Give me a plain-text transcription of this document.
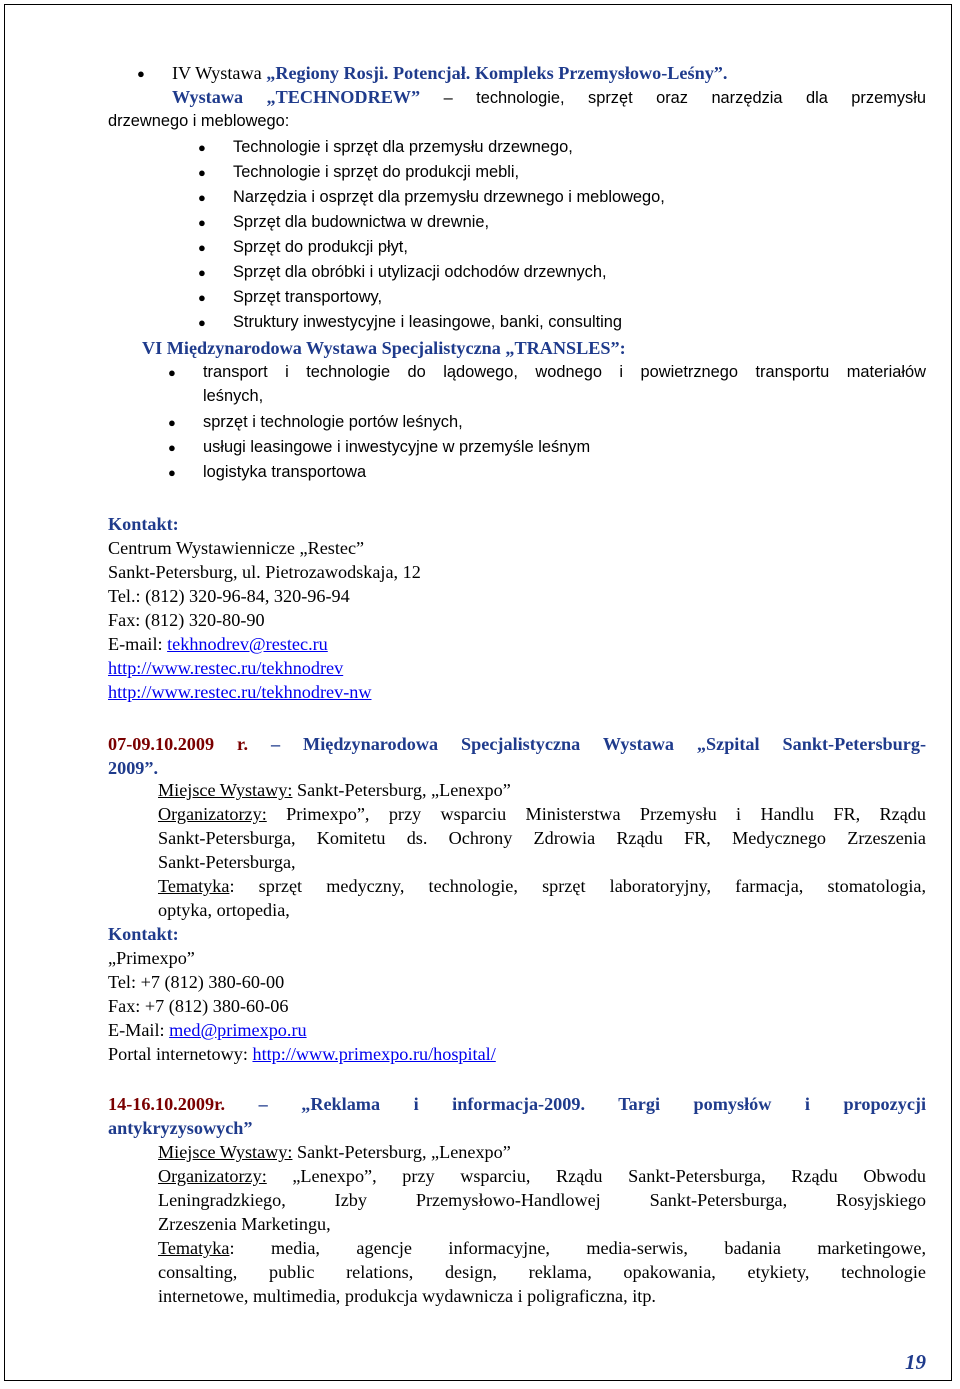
● IV Wystawa „Regiony Rosji. Potencjał. Kompleks Przemysłowo-Leśny”.
Wystawa „TECHNODREW” – technologie, sprzęt oraz narzędzia dla przemysłu
drzewnego i meblowego:
● Technologie i sprzęt dla przemysłu drzewnego,
● Technologie i sprzęt do produkcji mebli,
● Narzędzia i osprzęt dla przemysłu drzewnego i meblowego,
● Sprzęt dla budownictwa w drewnie,
● Sprzęt do produkcji płyt,
● Sprzęt dla obróbki i utylizacji odchodów drzewnych,
● Sprzęt transportowy,
● Struktury inwestycyjne i leasingowe, banki, consulting
VI Międzynarodowa Wystawa Specjalistyczna „TRANSLES”:
● transport i technologie do lądowego, wodnego i powietrznego transportu materiałów
leśnych,
● sprzęt i technologie portów leśnych,
● usługi leasingowe i inwestycyjne w przemyśle leśnym
● logistyka transportowa
Kontakt:
Centrum Wystawiennicze „Restec”
Sankt-Petersburg, ul. Pietrozawodskaja, 12
Tel.: (812) 320-96-84, 320-96-94
Fax: (812) 320-80-90
E-mail: tekhnodrev@restec.ru
http://www.restec.ru/tekhnodrev
http://www.restec.ru/tekhnodrev-nw
07-09.10.2009 r. – Międzynarodowa Specjalistyczna Wystawa „Szpital Sankt-Petersburg-
2009”.
Miejsce Wystawy: Sankt-Petersburg, „Lenexpo”
Organizatorzy: Primexpo”, przy wsparciu Ministerstwa Przemysłu i Handlu FR, Rządu
Sankt-Petersburga, Komitetu ds. Ochrony Zdrowia Rządu FR, Medycznego Zrzeszenia
Sankt-Petersburga,
Tematyka: sprzęt medyczny, technologie, sprzęt laboratoryjny, farmacja, stomatologia,
optyka, ortopedia,
Kontakt:
„Primexpo”
Tel: +7 (812) 380-60-00
Fax: +7 (812) 380-60-06
E-Mail: med@primexpo.ru
Portal internetowy: http://www.primexpo.ru/hospital/
14-16.10.2009r. – „Reklama i informacja-2009. Targi pomysłów i propozycji
antykryzysowych”
Miejsce Wystawy: Sankt-Petersburg, „Lenexpo”
Organizatorzy: „Lenexpo”, przy wsparciu, Rządu Sankt-Petersburga, Rządu Obwodu
Leningradzkiego, Izby Przemysłowo-Handlowej Sankt-Petersburga, Rosyjskiego
Zrzeszenia Marketingu,
Tematyka: media, agencje informacyjne, media-serwis, badania marketingowe,
consalting, public relations, design, reklama, opakowania, etykiety, technologie
internetowe, multimedia, produkcja wydawnicza i poligraficzna, itp.
19
